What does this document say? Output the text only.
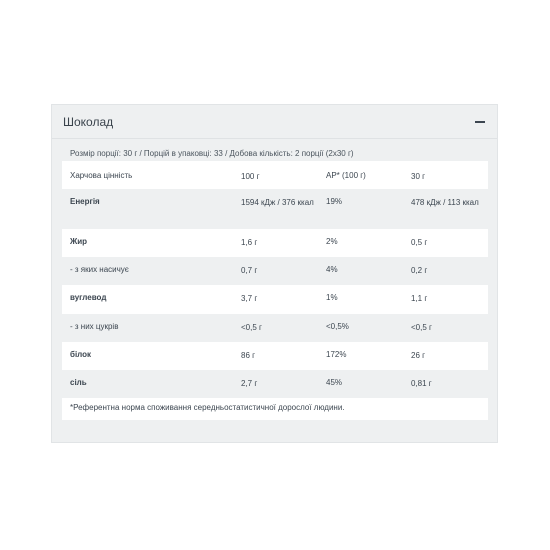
Шоколад
Розмір порції: 30 г / Порцій в упаковці: 33 / Добова кількість: 2 порції (2х30 г)
Харчова цінність	100 г	АР* (100 г)	30 г
Енергія	1594 кДж / 376 ккал	19%	478 кДж / 113 ккал
Жир	1,6 г	2%	0,5 г
- з яких насичує	0,7 г	4%	0,2 г
вуглевод	3,7 г	1%	1,1 г
- з них цукрів	<0,5 г	<0,5%	<0,5 г
білок	86 г	172%	26 г
сіль	2,7 г	45%	0,81 г
*Референтна норма споживання середньостатистичної дорослої людини.
